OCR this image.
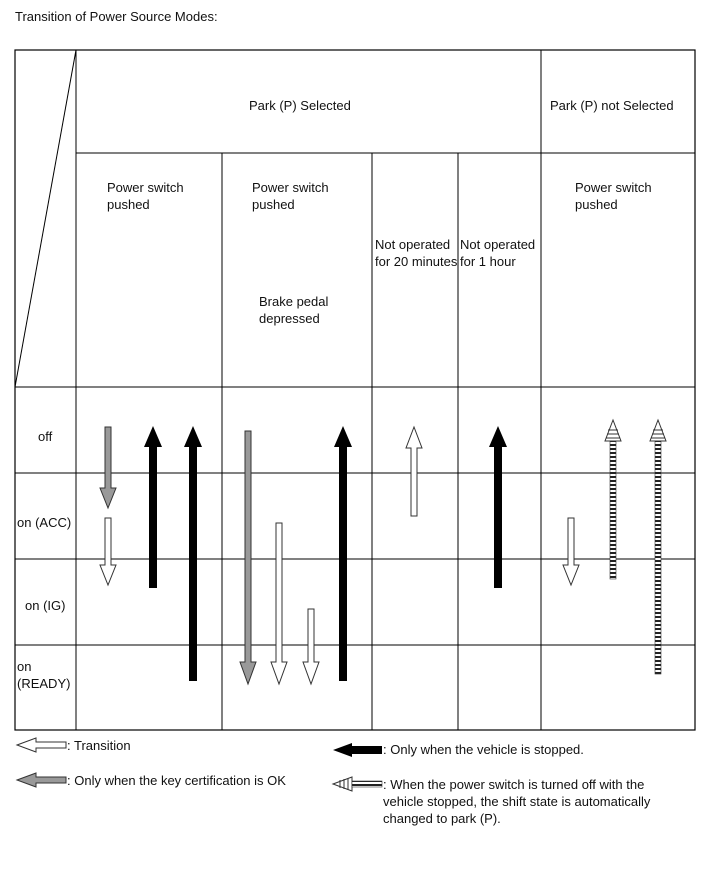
Transition of Power Source Modes:
Park (P) Selected	Park (P) not Selected
Power switch pushed
Power switch pushed
Brake pedal depressed
Not operated for 20 minutes
Not operated for 1 hour
Power switch pushed
off
on (ACC)
on (IG)
on (READY)
: Transition
: Only when the key certification is OK
: Only when the vehicle is stopped.
: When the power switch is turned off with the vehicle stopped, the shift state is automatically changed to park (P).
